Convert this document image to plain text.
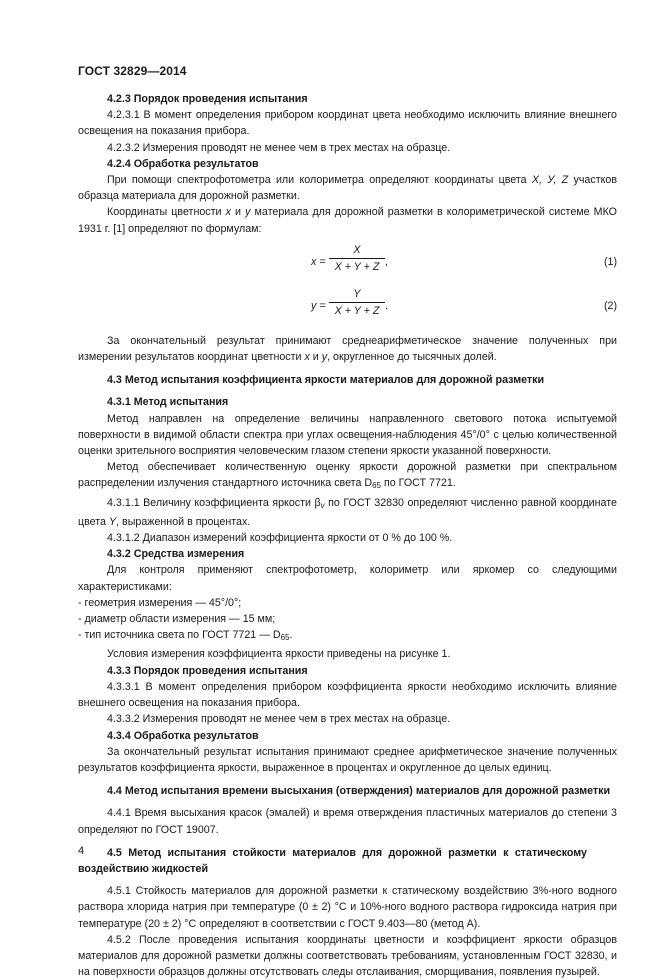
ГОСТ 32829—2014

4.2.3 Порядок проведения испытания

4.2.3.1 В момент определения прибором координат цвета необходимо исключить влияние внешнего освещения на показания прибора.

4.2.3.2 Измерения проводят не менее чем в трех местах на образце.

4.2.4 Обработка результатов

При помощи спектрофотометра или колориметра определяют координаты цвета X, У, Z участков образца материала для дорожной разметки.

Координаты цветности x и у материала для дорожной разметки в колориметрической системе МКО 1931 г. [1] определяют по формулам:

x =
X
X + Y + Z ,	(1)
y =
Y
X + Y + Z .	(2)

За окончательный результат принимают среднеарифметическое значение полученных при измерении результатов координат цветности x и у, округленное до тысячных долей.

4.3 Метод испытания коэффициента яркости материалов для дорожной разметки

4.3.1 Метод испытания

Метод направлен на определение величины направленного светового потока испытуемой поверхности в видимой области спектра при углах освещения-наблюдения 45°/0° с целью количественной оценки зрительного восприятия человеческим глазом степени яркости указанной поверхности.

Метод обеспечивает количественную оценку яркости дорожной разметки при спектральном распределении излучения стандартного источника света $D_{65}$ по ГОСТ 7721.

4.3.1.1 Величину коэффициента яркости $\beta_v$ по ГОСТ 32830 определяют численно равной координате цвета Y, выраженной в процентах.

4.3.1.2 Диапазон измерений коэффициента яркости от 0 % до 100 %.

4.3.2 Средства измерения

Для контроля применяют спектрофотометр, колориметр или яркомер со следующими характеристиками:

- геометрия измерения — 45°/0°;

- диаметр области измерения — 15 мм;

- тип источника света по ГОСТ 7721 — $D_{65}$.

Условия измерения коэффициента яркости приведены на рисунке 1.

4.3.3 Порядок проведения испытания

4.3.3.1 В момент определения прибором коэффициента яркости необходимо исключить влияние внешнего освещения на показания прибора.

4.3.3.2 Измерения проводят не менее чем в трех местах на образце.

4.3.4 Обработка результатов

За окончательный результат испытания принимают среднее арифметическое значение полученных результатов коэффициента яркости, выраженное в процентах и округленное до целых единиц.

4.4 Метод испытания времени высыхания (отверждения) материалов для дорожной разметки

4.4.1 Время высыхания красок (эмалей) и время отверждения пластичных материалов до степени 3 определяют по ГОСТ 19007.

4.5 Метод испытания стойкости материалов для дорожной разметки к статическому воздействию жидкостей

4.5.1 Стойкость материалов для дорожной разметки к статическому воздействию 3%-ного водного раствора хлорида натрия при температуре (0 ± 2) °С и 10%-ного водного раствора гидроксида натрия при температуре (20 ± 2) °С определяют в соответствии с ГОСТ 9.403—80 (метод А).

4.5.2 После проведения испытания координаты цветности и коэффициент яркости образцов материалов для дорожной разметки должны соответствовать требованиям, установленным ГОСТ 32830, и на поверхности образцов должны отсутствовать следы отслаивания, сморщивания, появления пузырей.

4
